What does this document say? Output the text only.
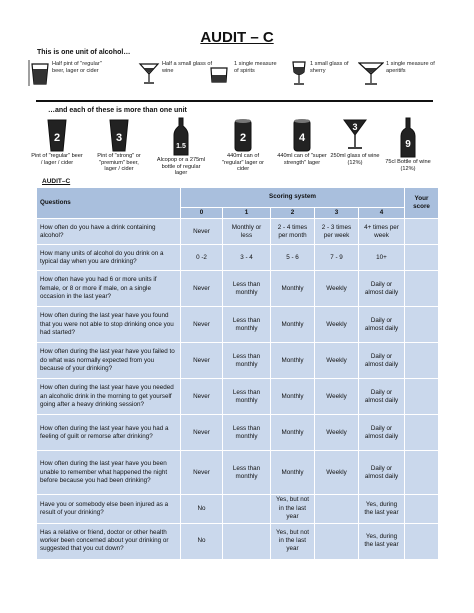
AUDIT – C
This is one unit of alcohol…
Half pint of "regular" beer, lager or cider
Half a small glass of wine
1 single measure of spirits
1 small glass of sherry
1 single measure of aperitifs
…and each of these is more than one unit
2
Pint of "regular" beer / lager / cider
3
Pint of "strong" or "premium" beer, lager / cider
1.5
Alcopop or a 275ml bottle of regular lager
2
440ml can of "regular" lager or cider
4
440ml can of "super strength" lager
3
250ml glass of wine (12%)
9
75cl Bottle of wine (12%)
AUDIT–C
Questions	Scoring system					Your score
	0	1	2	3	4	
How often do you have a drink containing alcohol?	Never	Monthly or less	2 - 4 times per month	2 - 3 times per week	4+ times per week	
How many units of alcohol do you drink on a typical day when you are drinking?	0 -2	3 - 4	5 - 6	7 - 9	10+	
How often have you had 6 or more units if female, or 8 or more if male, on a single occasion in the last year?	Never	Less than monthly	Monthly	Weekly	Daily or almost daily	
How often during the last year have you found that you were not able to stop drinking once you had started?	Never	Less than monthly	Monthly	Weekly	Daily or almost daily	
How often during the last year have you failed to do what was normally expected from you because of your drinking?	Never	Less than monthly	Monthly	Weekly	Daily or almost daily	
How often during the last year have you needed an alcoholic drink in the morning to get yourself going after a heavy drinking session?	Never	Less than monthly	Monthly	Weekly	Daily or almost daily	
How often during the last year have you had a feeling of guilt or remorse after drinking?	Never	Less than monthly	Monthly	Weekly	Daily or almost daily	
How often during the last year have you been unable to remember what happened the night before because you had been drinking?	Never	Less than monthly	Monthly	Weekly	Daily or almost daily	
Have you or somebody else been injured as a result of your drinking?	No		Yes, but not in the last year		Yes, during the last year	
Has a relative or friend, doctor or other health worker been concerned about your drinking or suggested that you cut down?	No		Yes, but not in the last year		Yes, during the last year	
